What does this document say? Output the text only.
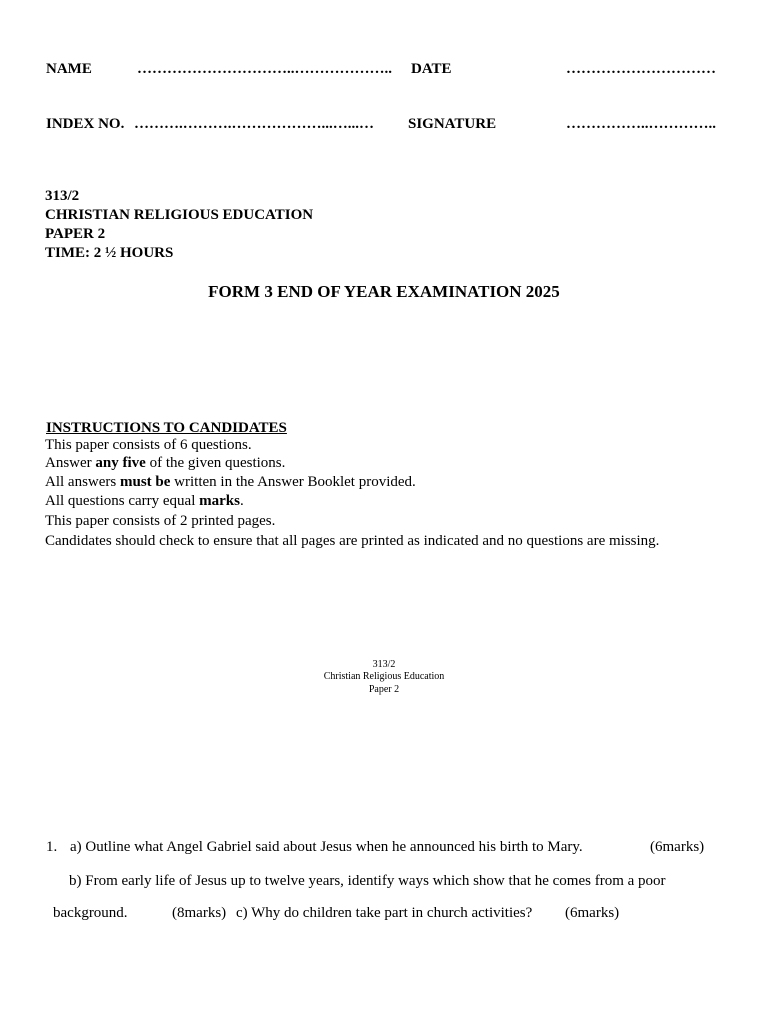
NAME	…………………………..……………….. DATE	…………………………
INDEX NO. ……….……….………………...…...… SIGNATURE	……………..…………..
313/2
CHRISTIAN RELIGIOUS EDUCATION
PAPER 2
TIME: 2 ½ HOURS
FORM 3 END OF YEAR EXAMINATION 2025
INSTRUCTIONS TO CANDIDATES
This paper consists of 6 questions.
Answer any five of the given questions.
All answers must be written in the Answer Booklet provided.
All questions carry equal marks.
This paper consists of 2 printed pages.
Candidates should check to ensure that all pages are printed as indicated and no questions are missing.
313/2
Christian Religious Education
Paper 2
1. a) Outline what Angel Gabriel said about Jesus when he announced his birth to Mary.	(6marks)
b) From early life of Jesus up to twelve years, identify ways which show that he comes from a poor
background.	(8marks) c) Why do children take part in church activities? (6marks)
